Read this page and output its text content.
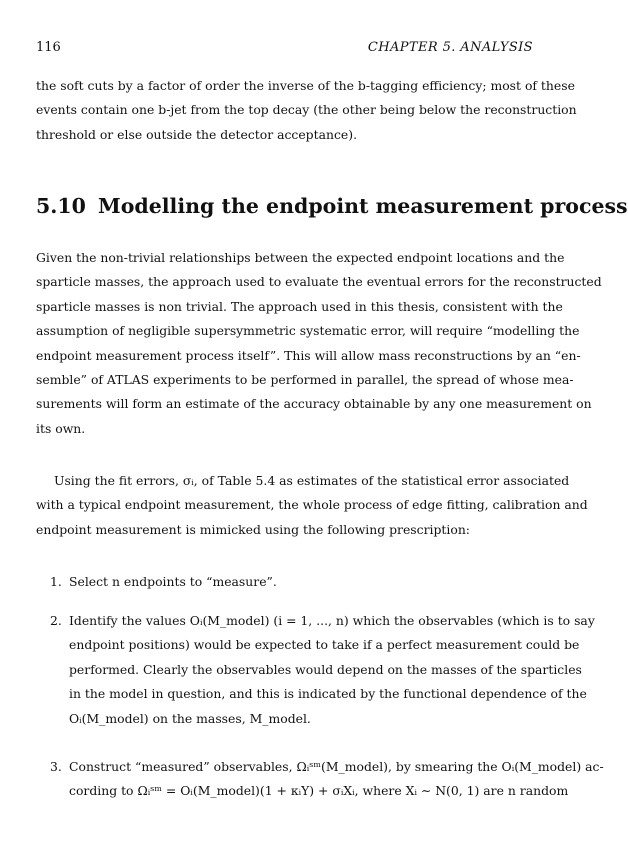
116	CHAPTER 5. ANALYSIS
the soft cuts by a factor of order the inverse of the b-tagging efficiency; most of these
events contain one b-jet from the top decay (the other being below the reconstruction
threshold or else outside the detector acceptance).
5.10 Modelling the endpoint measurement process
Given the non-trivial relationships between the expected endpoint locations and the
sparticle masses, the approach used to evaluate the eventual errors for the reconstructed
sparticle masses is non trivial. The approach used in this thesis, consistent with the
assumption of negligible supersymmetric systematic error, will require “modelling the
endpoint measurement process itself”. This will allow mass reconstructions by an “en-
semble” of ATLAS experiments to be performed in parallel, the spread of whose mea-
surements will form an estimate of the accuracy obtainable by any one measurement on
its own.
Using the fit errors, σᵢ, of Table 5.4 as estimates of the statistical error associated
with a typical endpoint measurement, the whole process of edge fitting, calibration and
endpoint measurement is mimicked using the following prescription:
1. Select n endpoints to “measure”.
2. Identify the values Oᵢ(M_model) (i = 1, ..., n) which the observables (which is to say
endpoint positions) would be expected to take if a perfect measurement could be
performed. Clearly the observables would depend on the masses of the sparticles
in the model in question, and this is indicated by the functional dependence of the
Oᵢ(M_model) on the masses, M_model.
3. Construct “measured” observables, Ωᵢˢᵐ(M_model), by smearing the Oᵢ(M_model) ac-
cording to Ωᵢˢᵐ = Oᵢ(M_model)(1 + κᵢY) + σᵢXᵢ, where Xᵢ ∼ N(0, 1) are n random
